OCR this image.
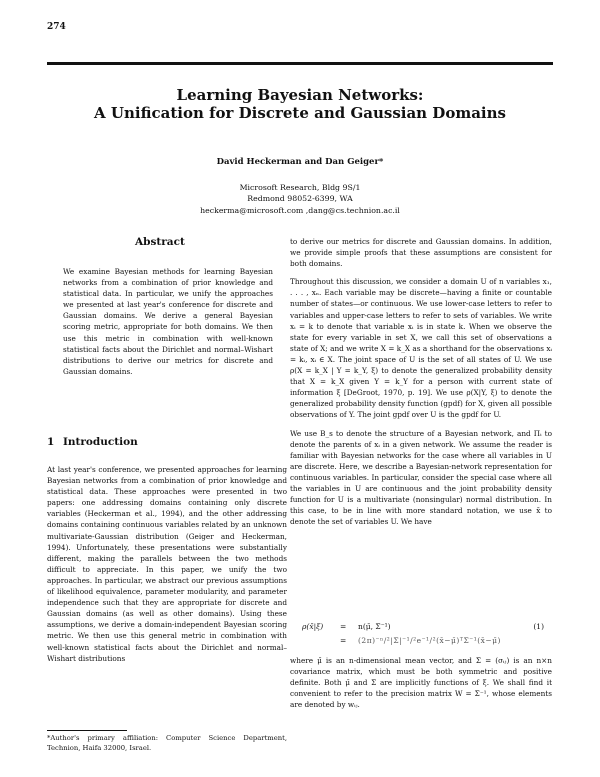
274
Learning Bayesian Networks:
A Unification for Discrete and Gaussian Domains
David Heckerman and Dan Geiger*
Microsoft Research, Bldg 9S/1
Redmond 98052-6399, WA
heckerma@microsoft.com ,dang@cs.technion.ac.il
Abstract
We examine Bayesian methods for learning Bayesian networks from a combination of prior knowledge and statistical data. In particular, we unify the approaches we presented at last year's conference for discrete and Gaussian domains. We derive a general Bayesian scoring metric, appropriate for both domains. We then use this metric in combination with well-known statistical facts about the Dirichlet and normal–Wishart distributions to derive our metrics for discrete and Gaussian domains.
1 Introduction
At last year's conference, we presented approaches for learning Bayesian networks from a combination of prior knowledge and statistical data. These approaches were presented in two papers: one addressing domains containing only discrete variables (Heckerman et al., 1994), and the other addressing domains containing continuous variables related by an unknown multivariate-Gaussian distribution (Geiger and Heckerman, 1994). Unfortunately, these presentations were substantially different, making the parallels between the two methods difficult to appreciate. In this paper, we unify the two approaches. In particular, we abstract our previous assumptions of likelihood equivalence, parameter modularity, and parameter independence such that they are appropriate for discrete and Gaussian domains (as well as other domains). Using these assumptions, we derive a domain-independent Bayesian scoring metric. We then use this general metric in combination with well-known statistical facts about the Dirichlet and normal–Wishart distributions
*Author's primary affiliation: Computer Science Department, Technion, Haifa 32000, Israel.

to derive our metrics for discrete and Gaussian domains. In addition, we provide simple proofs that these assumptions are consistent for both domains.

Throughout this discussion, we consider a domain U of n variables x₁, . . . , xₙ. Each variable may be discrete—having a finite or countable number of states—or continuous. We use lower-case letters to refer to variables and upper-case letters to refer to sets of variables. We write xᵢ = k to denote that variable xᵢ is in state k. When we observe the state for every variable in set X, we call this set of observations a state of X; and we write X = k_X as a shorthand for the observations xᵢ = kᵢ, xᵢ ∈ X. The joint space of U is the set of all states of U. We use ρ(X = k_X | Y = k_Y, ξ) to denote the generalized probability density that X = k_X given Y = k_Y for a person with current state of information ξ [DeGroot, 1970, p. 19]. We use ρ(X|Y, ξ) to denote the generalized probability density function (gpdf) for X, given all possible observations of Y. The joint gpdf over U is the gpdf for U.

We use B_s to denote the structure of a Bayesian network, and Πᵢ to denote the parents of xᵢ in a given network. We assume the reader is familiar with Bayesian networks for the case where all variables in U are discrete. Here, we describe a Bayesian-network representation for continuous variables. In particular, consider the special case where all the variables in U are continuous and the joint probability density function for U is a multivariate (nonsingular) normal distribution. In this case, to be in line with more standard notation, we use x̄ to denote the set of variables U. We have

ρ(x̄|ξ) = n(μ̄, Σ⁻¹)	(1)
= (2π)⁻ⁿ/²|Σ|⁻¹/²e⁻¹/²(x̄−μ̄)ᵀΣ⁻¹(x̄−μ̄)
where μ̄ is an n-dimensional mean vector, and Σ = (σᵢⱼ) is an n×n covariance matrix, which must be both symmetric and positive definite. Both μ̄ and Σ are implicitly functions of ξ. We shall find it convenient to refer to the precision matrix W = Σ⁻¹, whose elements are denoted by wᵢⱼ.
